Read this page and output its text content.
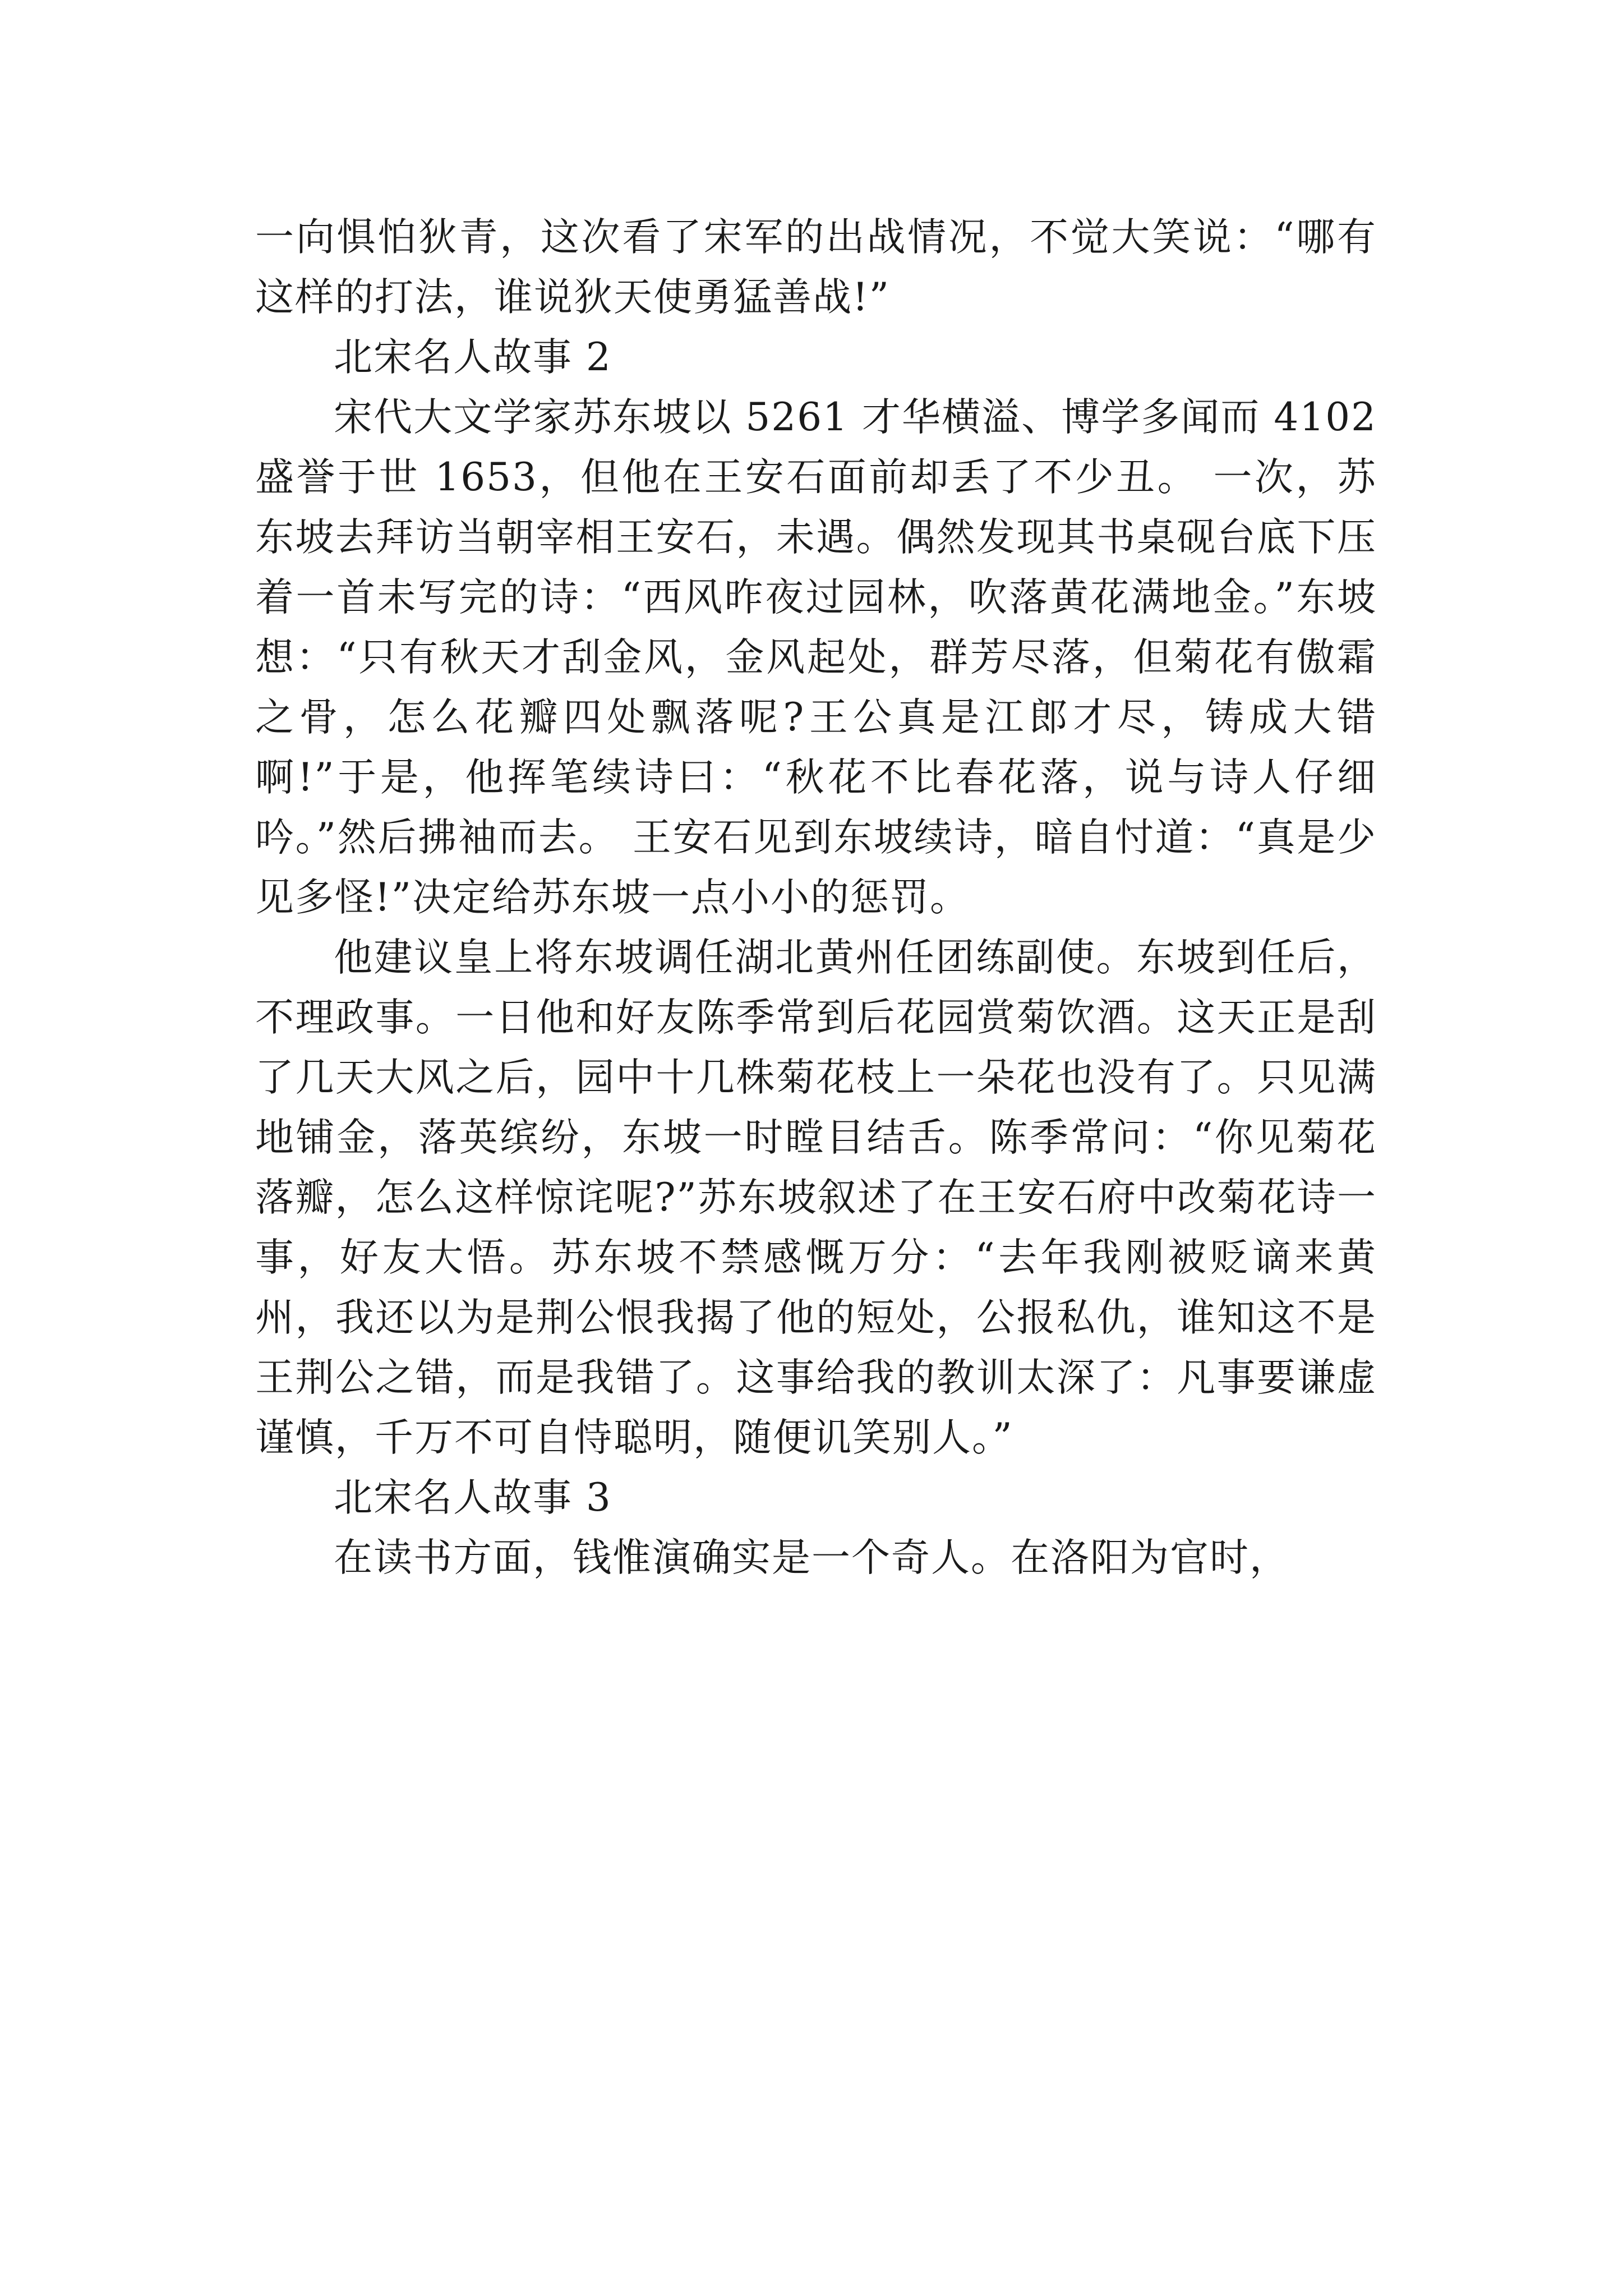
一向惧怕狄青，这次看了宋军的出战情况，不觉大笑说：“哪有这样的打法，谁说狄天使勇猛善战!”

北宋名人故事 2

宋代大文学家苏东坡以 5261 才华横溢、博学多闻而 4102 盛誉于世 1653，但他在王安石面前却丢了不少丑。 一次，苏东坡去拜访当朝宰相王安石，未遇。偶然发现其书桌砚台底下压着一首未写完的诗：“西风昨夜过园林，吹落黄花满地金。”东坡想：“只有秋天才刮金风，金风起处，群芳尽落，但菊花有傲霜之骨，怎么花瓣四处飘落呢?王公真是江郎才尽，铸成大错啊!”于是，他挥笔续诗曰：“秋花不比春花落，说与诗人仔细吟。”然后拂袖而去。 王安石见到东坡续诗，暗自忖道：“真是少见多怪!”决定给苏东坡一点小小的惩罚。

他建议皇上将东坡调任湖北黄州任团练副使。东坡到任后，不理政事。一日他和好友陈季常到后花园赏菊饮酒。这天正是刮了几天大风之后，园中十几株菊花枝上一朵花也没有了。只见满地铺金，落英缤纷，东坡一时瞠目结舌。陈季常问：“你见菊花落瓣，怎么这样惊诧呢?”苏东坡叙述了在王安石府中改菊花诗一事，好友大悟。苏东坡不禁感慨万分：“去年我刚被贬谪来黄州，我还以为是荆公恨我揭了他的短处，公报私仇，谁知这不是王荆公之错，而是我错了。这事给我的教训太深了：凡事要谦虚谨慎，千万不可自恃聪明，随便讥笑别人。”

北宋名人故事 3

在读书方面，钱惟演确实是一个奇人。在洛阳为官时，
